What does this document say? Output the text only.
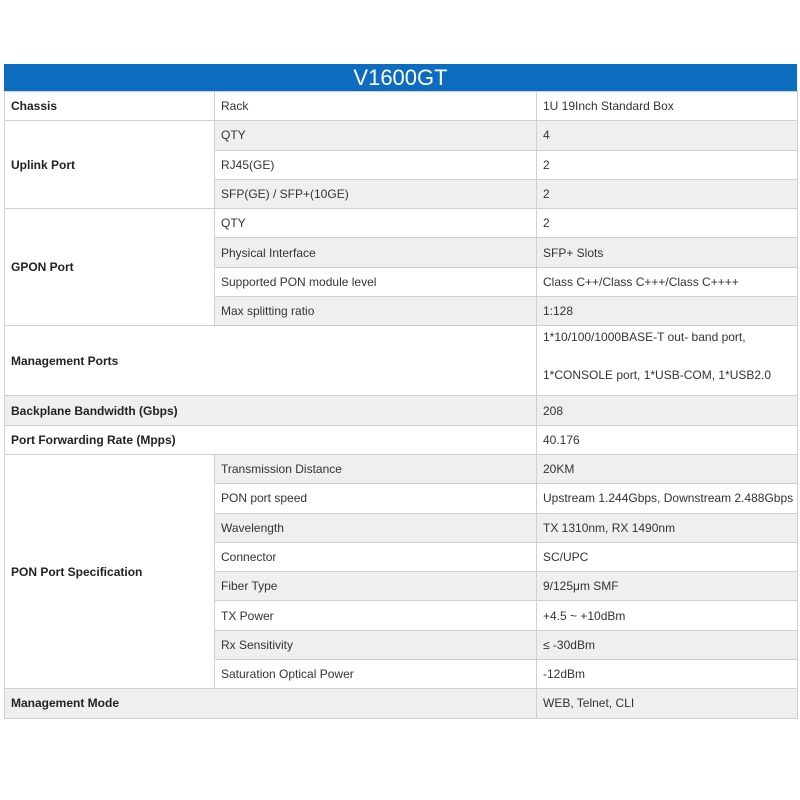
V1600GT
Chassis	Rack	1U 19Inch Standard Box
Uplink Port	QTY	4
	RJ45(GE)	2
	SFP(GE) / SFP+(10GE)	2
GPON Port	QTY	2
	Physical Interface	SFP+ Slots
	Supported PON module level	Class C++/Class C+++/Class C++++
	Max splitting ratio	1:128
Management Ports		1*10/100/1000BASE-T out- band port,
1*CONSOLE port, 1*USB-COM, 1*USB2.0

Backplane Bandwidth (Gbps)		208
Port Forwarding Rate (Mpps)		40.176
PON Port Specification	Transmission Distance	20KM
	PON port speed	Upstream 1.244Gbps, Downstream 2.488Gbps
	Wavelength	TX 1310nm, RX 1490nm
	Connector	SC/UPC
	Fiber Type	9/125μm SMF
	TX Power	+4.5 ~ +10dBm
	Rx Sensitivity	≤ -30dBm
	Saturation Optical Power	-12dBm
Management Mode		WEB, Telnet, CLI
